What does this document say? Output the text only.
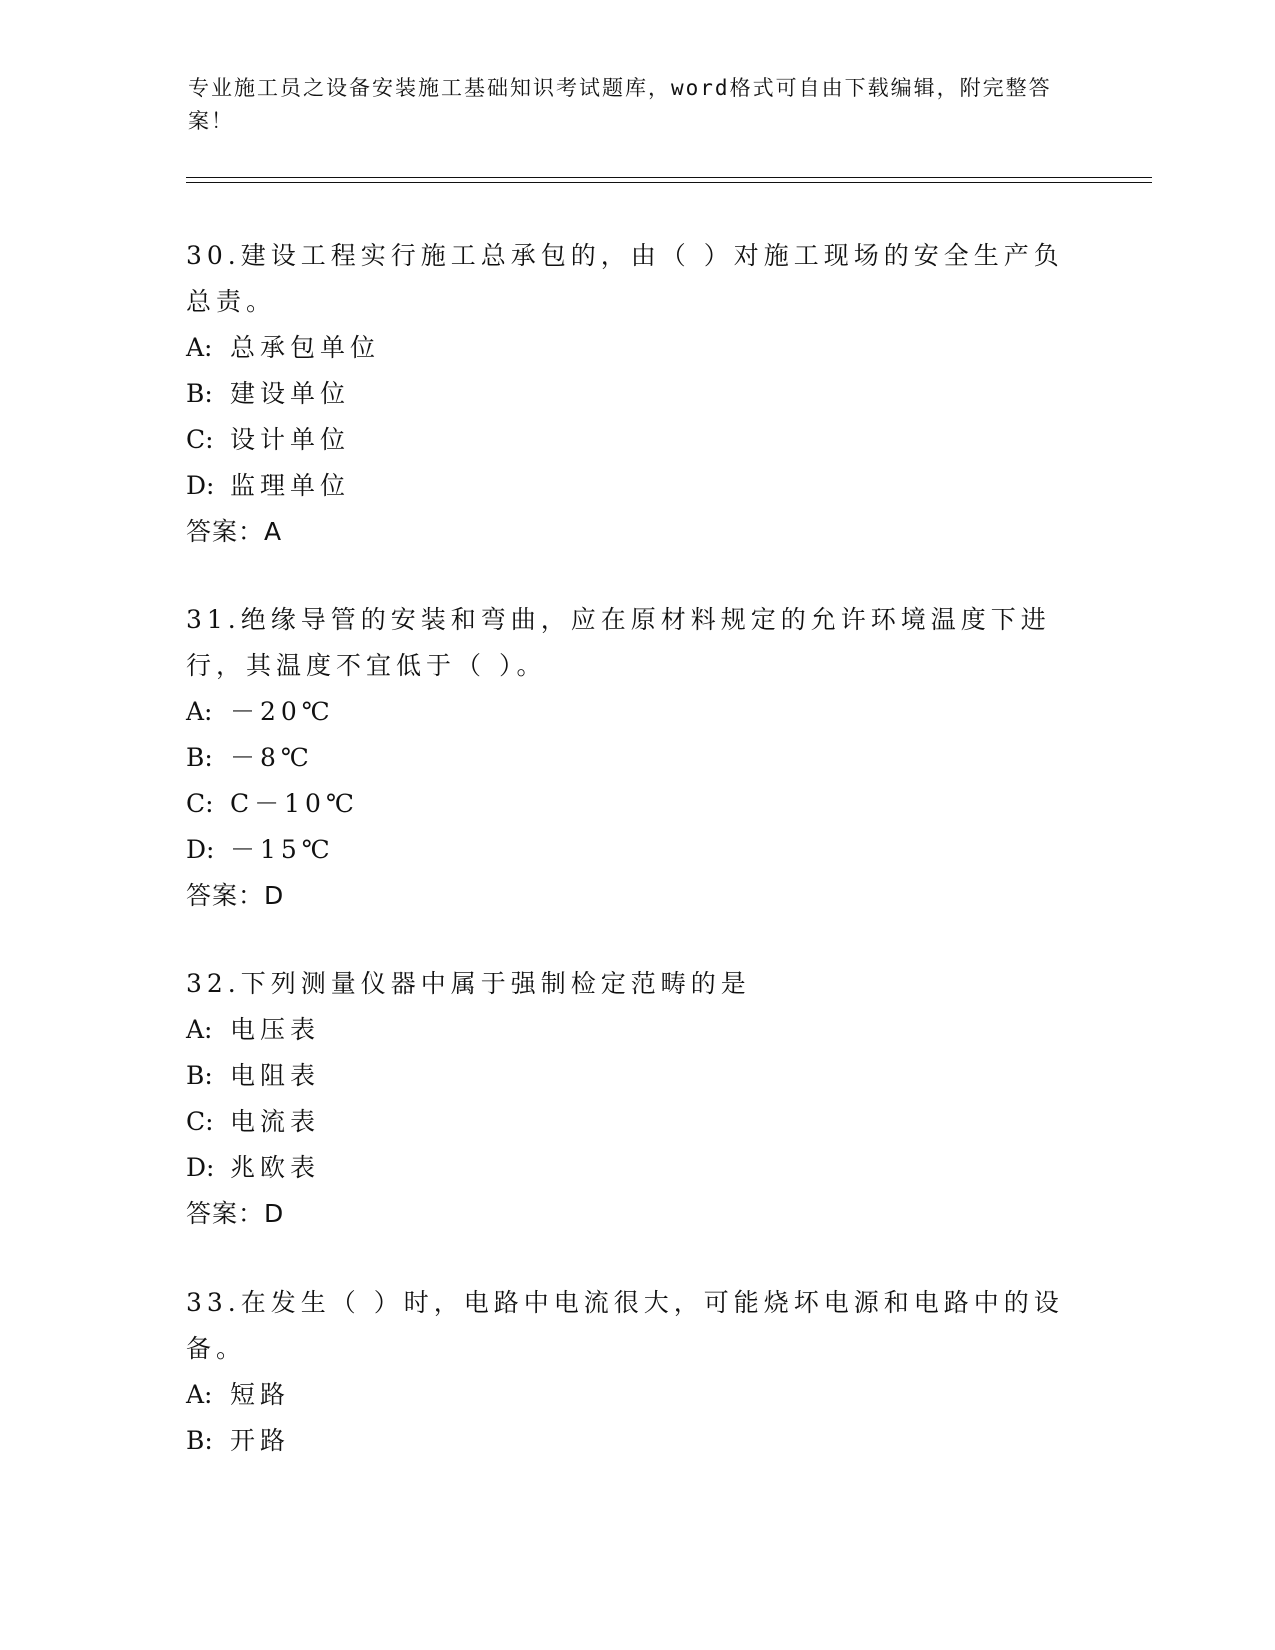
专业施工员之设备安装施工基础知识考试题库，word格式可自由下载编辑，附完整答案！

30.建设工程实行施工总承包的，由（ ）对施工现场的安全生产负总责。

A: 总承包单位

B: 建设单位

C: 设计单位

D: 监理单位

答案：A

31.绝缘导管的安装和弯曲，应在原材料规定的允许环境温度下进行，其温度不宜低于（ ）。

A: －20℃

B: －8℃

C: C－10℃

D: －15℃

答案：D

32.下列测量仪器中属于强制检定范畴的是

A: 电压表

B: 电阻表

C: 电流表

D: 兆欧表

答案：D

33.在发生（ ）时，电路中电流很大，可能烧坏电源和电路中的设备。

A: 短路

B: 开路
